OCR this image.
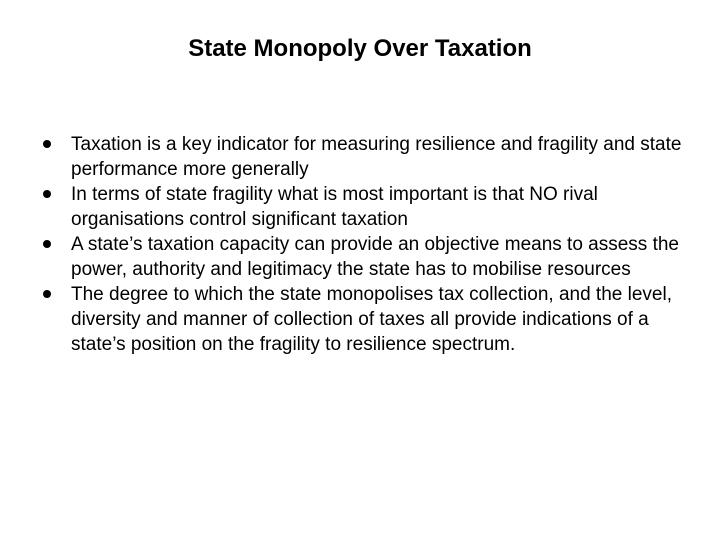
State Monopoly Over Taxation
Taxation is a key indicator for measuring resilience and fragility and state performance more generally
In terms of state fragility what is most important is that NO rival organisations control significant taxation
A state’s taxation capacity can provide an objective means to assess the power, authority and legitimacy the state has to mobilise resources
The degree to which the state monopolises tax collection, and the level, diversity and manner of collection of taxes all provide indications of a state’s position on the fragility to resilience spectrum.
